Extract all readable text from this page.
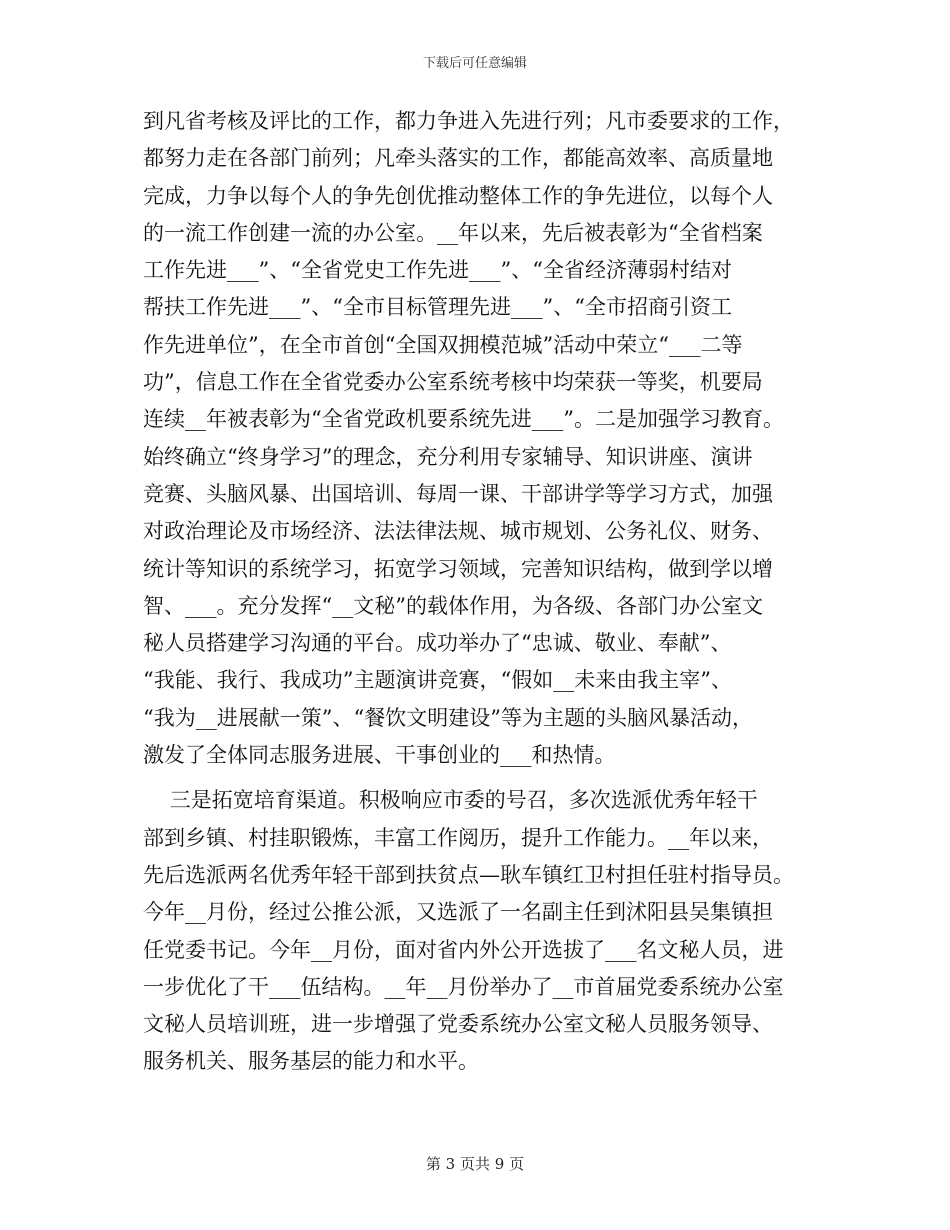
下载后可任意编辑
到凡省考核及评比的工作，都力争进入先进行列；凡市委要求的工作，
都努力走在各部门前列；凡牵头落实的工作，都能高效率、高质量地
完成，力争以每个人的争先创优推动整体工作的争先进位，以每个人
的一流工作创建一流的办公室。__年以来，先后被表彰为“全省档案
工作先进___”、“全省党史工作先进___”、“全省经济薄弱村结对
帮扶工作先进___”、“全市目标管理先进___”、“全市招商引资工
作先进单位”，在全市首创“全国双拥模范城”活动中荣立“___二等
功”，信息工作在全省党委办公室系统考核中均荣获一等奖，机要局
连续__年被表彰为“全省党政机要系统先进___”。二是加强学习教育。
始终确立“终身学习”的理念，充分利用专家辅导、知识讲座、演讲
竞赛、头脑风暴、出国培训、每周一课、干部讲学等学习方式，加强
对政治理论及市场经济、法法律法规、城市规划、公务礼仪、财务、
统计等知识的系统学习，拓宽学习领域，完善知识结构，做到学以增
智、___。充分发挥“__文秘”的载体作用，为各级、各部门办公室文
秘人员搭建学习沟通的平台。成功举办了“忠诚、敬业、奉献”、
“我能、我行、我成功”主题演讲竞赛，“假如__未来由我主宰”、
“我为__进展献一策”、“餐饮文明建设”等为主题的头脑风暴活动，
激发了全体同志服务进展、干事创业的___和热情。
三是拓宽培育渠道。积极响应市委的号召，多次选派优秀年轻干
部到乡镇、村挂职锻炼，丰富工作阅历，提升工作能力。__年以来，
先后选派两名优秀年轻干部到扶贫点—耿车镇红卫村担任驻村指导员。
今年__月份，经过公推公派，又选派了一名副主任到沭阳县吴集镇担
任党委书记。今年__月份，面对省内外公开选拔了___名文秘人员，进
一步优化了干___伍结构。__年__月份举办了__市首届党委系统办公室
文秘人员培训班，进一步增强了党委系统办公室文秘人员服务领导、
服务机关、服务基层的能力和水平。
第 3 页共 9 页
